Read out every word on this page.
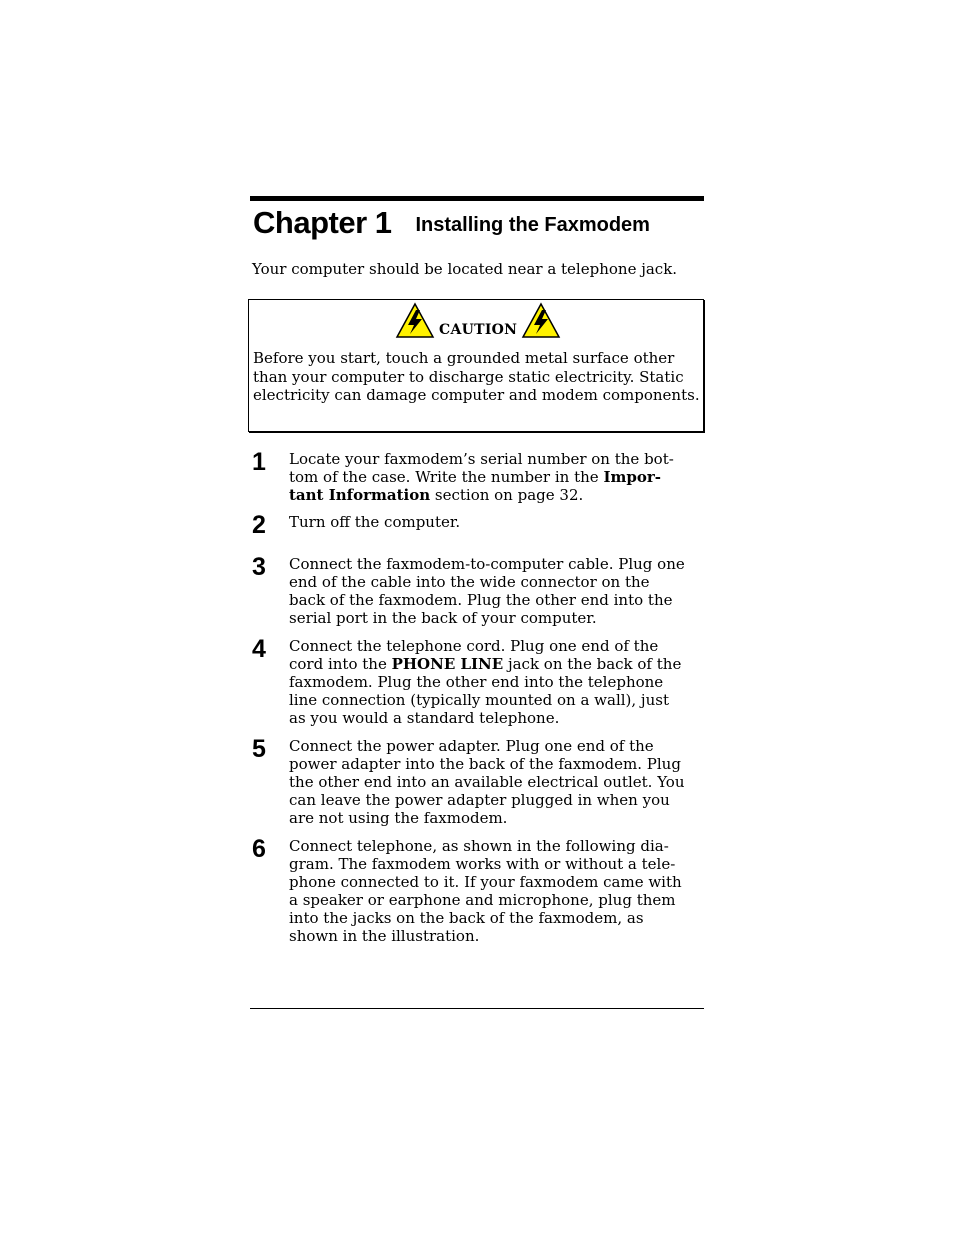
Chapter 1 Installing the Faxmodem
Your computer should be located near a telephone jack.
CAUTION
Before you start, touch a grounded metal surface other than your computer to discharge static electricity. Static electricity can damage computer and modem components.
1 Locate your faxmodem’s serial number on the bot-
tom of the case. Write the number in the Impor-
tant Information section on page 32.
2 Turn off the computer.
3 Connect the faxmodem-to-computer cable. Plug one
end of the cable into the wide connector on the
back of the faxmodem. Plug the other end into the
serial port in the back of your computer.
4 Connect the telephone cord. Plug one end of the
cord into the PHONE LINE jack on the back of the
faxmodem. Plug the other end into the telephone
line connection (typically mounted on a wall), just
as you would a standard telephone.
5 Connect the power adapter. Plug one end of the
power adapter into the back of the faxmodem. Plug
the other end into an available electrical outlet. You
can leave the power adapter plugged in when you
are not using the faxmodem.
6 Connect telephone, as shown in the following dia-
gram. The faxmodem works with or without a tele-
phone connected to it. If your faxmodem came with
a speaker or earphone and microphone, plug them
into the jacks on the back of the faxmodem, as
shown in the illustration.
